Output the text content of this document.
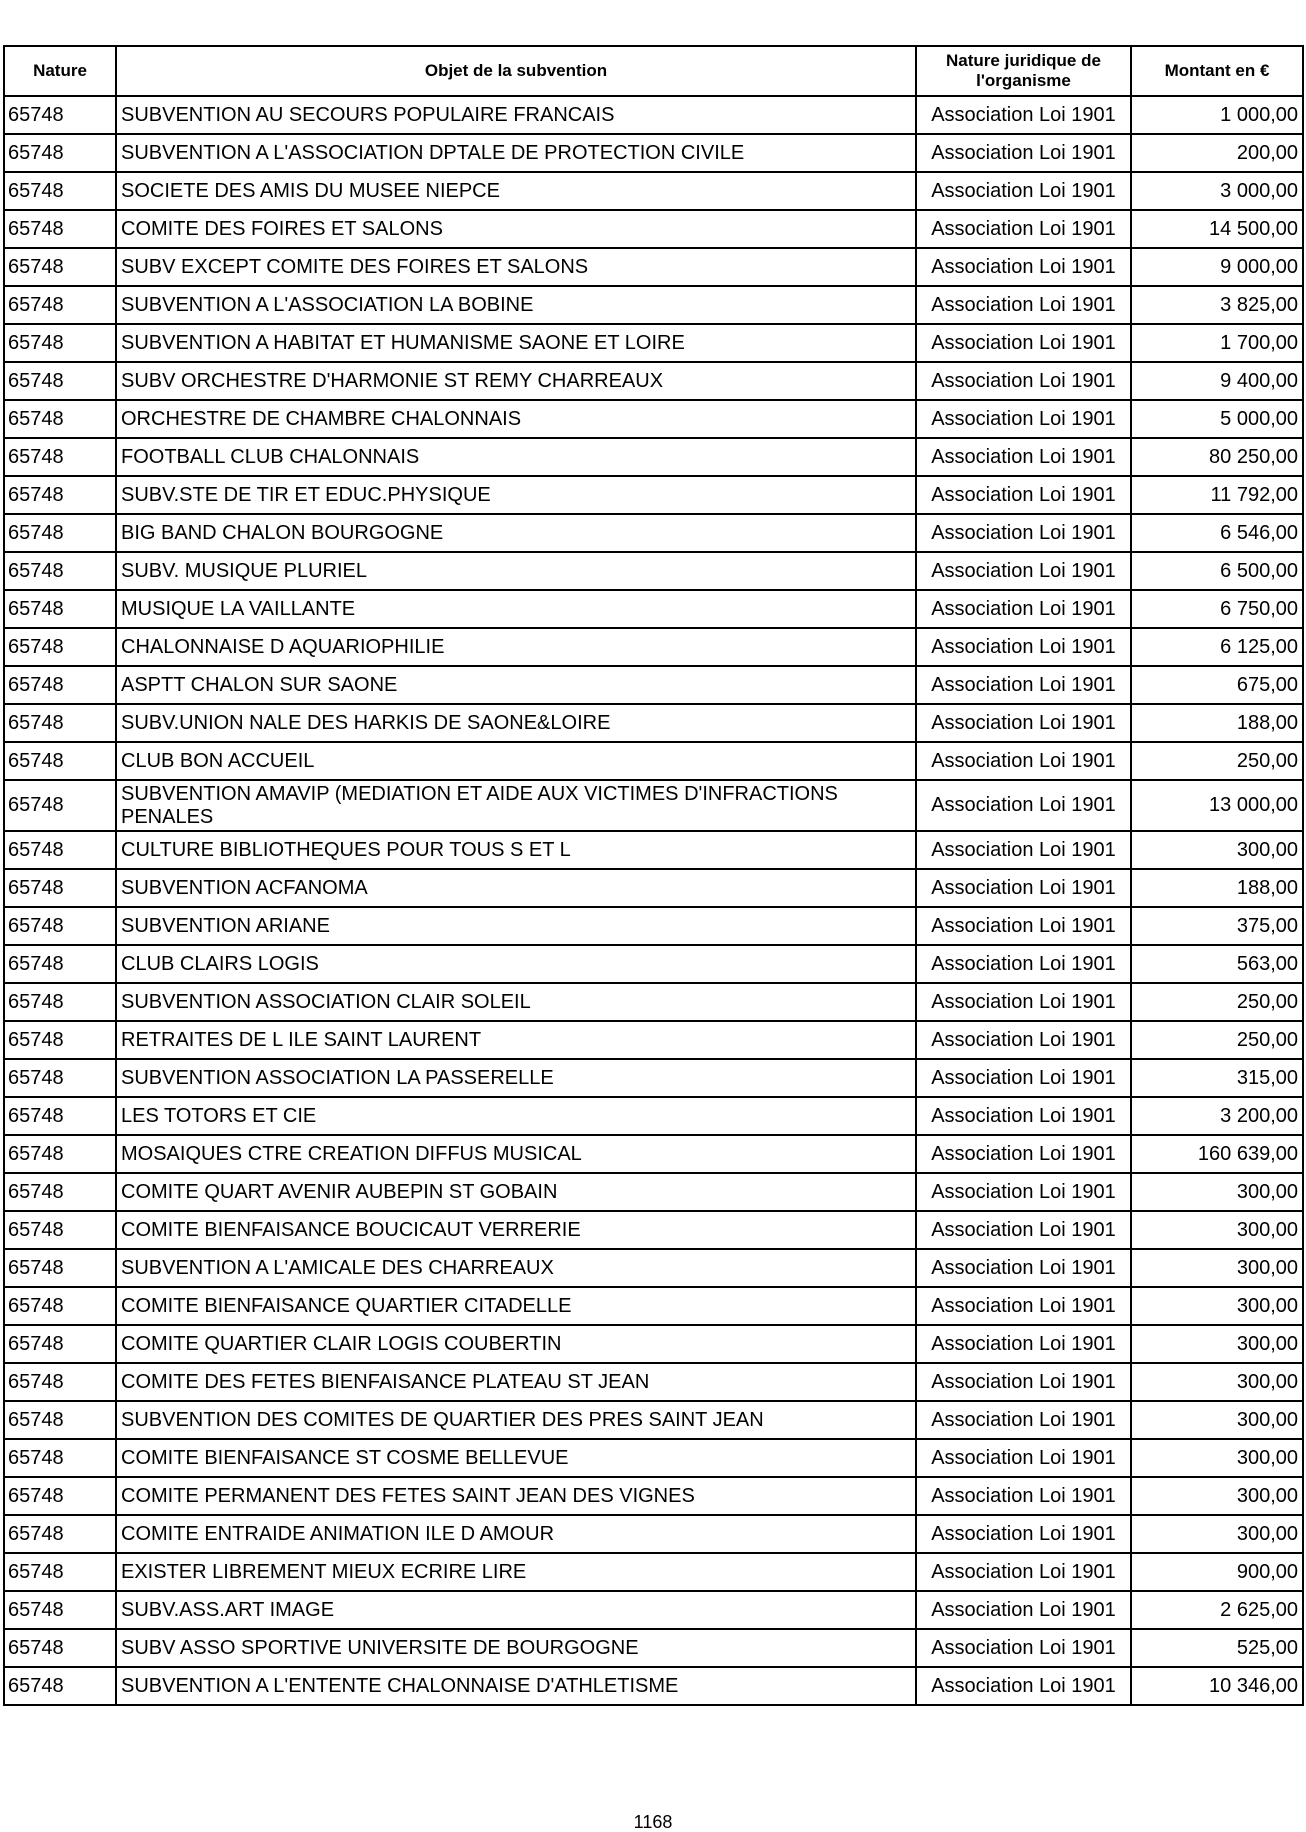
Nature	Objet de la subvention	Nature juridique de l'organisme	Montant en €
65748	SUBVENTION AU SECOURS POPULAIRE FRANCAIS	Association Loi 1901	1 000,00
65748	SUBVENTION A L'ASSOCIATION DPTALE DE PROTECTION CIVILE	Association Loi 1901	200,00
65748	SOCIETE DES AMIS DU MUSEE NIEPCE	Association Loi 1901	3 000,00
65748	COMITE DES FOIRES ET SALONS	Association Loi 1901	14 500,00
65748	SUBV EXCEPT COMITE DES FOIRES ET SALONS	Association Loi 1901	9 000,00
65748	SUBVENTION A L'ASSOCIATION LA BOBINE	Association Loi 1901	3 825,00
65748	SUBVENTION A HABITAT ET HUMANISME SAONE ET LOIRE	Association Loi 1901	1 700,00
65748	SUBV ORCHESTRE D'HARMONIE ST REMY CHARREAUX	Association Loi 1901	9 400,00
65748	ORCHESTRE DE CHAMBRE CHALONNAIS	Association Loi 1901	5 000,00
65748	FOOTBALL CLUB CHALONNAIS	Association Loi 1901	80 250,00
65748	SUBV.STE DE TIR ET EDUC.PHYSIQUE	Association Loi 1901	11 792,00
65748	BIG BAND CHALON BOURGOGNE	Association Loi 1901	6 546,00
65748	SUBV. MUSIQUE PLURIEL	Association Loi 1901	6 500,00
65748	MUSIQUE LA VAILLANTE	Association Loi 1901	6 750,00
65748	CHALONNAISE D AQUARIOPHILIE	Association Loi 1901	6 125,00
65748	ASPTT CHALON SUR SAONE	Association Loi 1901	675,00
65748	SUBV.UNION NALE DES HARKIS DE SAONE&LOIRE	Association Loi 1901	188,00
65748	CLUB BON ACCUEIL	Association Loi 1901	250,00
65748	SUBVENTION AMAVIP (MEDIATION ET AIDE AUX VICTIMES D'INFRACTIONS PENALES	Association Loi 1901	13 000,00
65748	CULTURE BIBLIOTHEQUES POUR TOUS S ET L	Association Loi 1901	300,00
65748	SUBVENTION ACFANOMA	Association Loi 1901	188,00
65748	SUBVENTION ARIANE	Association Loi 1901	375,00
65748	CLUB CLAIRS LOGIS	Association Loi 1901	563,00
65748	SUBVENTION ASSOCIATION CLAIR SOLEIL	Association Loi 1901	250,00
65748	RETRAITES DE L ILE SAINT LAURENT	Association Loi 1901	250,00
65748	SUBVENTION ASSOCIATION LA PASSERELLE	Association Loi 1901	315,00
65748	LES TOTORS ET CIE	Association Loi 1901	3 200,00
65748	MOSAIQUES CTRE CREATION DIFFUS MUSICAL	Association Loi 1901	160 639,00
65748	COMITE QUART AVENIR AUBEPIN ST GOBAIN	Association Loi 1901	300,00
65748	COMITE BIENFAISANCE BOUCICAUT VERRERIE	Association Loi 1901	300,00
65748	SUBVENTION A L'AMICALE DES CHARREAUX	Association Loi 1901	300,00
65748	COMITE BIENFAISANCE QUARTIER CITADELLE	Association Loi 1901	300,00
65748	COMITE QUARTIER CLAIR LOGIS COUBERTIN	Association Loi 1901	300,00
65748	COMITE DES FETES BIENFAISANCE PLATEAU ST JEAN	Association Loi 1901	300,00
65748	SUBVENTION DES COMITES DE QUARTIER DES PRES SAINT JEAN	Association Loi 1901	300,00
65748	COMITE BIENFAISANCE ST COSME BELLEVUE	Association Loi 1901	300,00
65748	COMITE PERMANENT DES FETES SAINT JEAN DES VIGNES	Association Loi 1901	300,00
65748	COMITE ENTRAIDE ANIMATION ILE D AMOUR	Association Loi 1901	300,00
65748	EXISTER LIBREMENT MIEUX ECRIRE LIRE	Association Loi 1901	900,00
65748	SUBV.ASS.ART IMAGE	Association Loi 1901	2 625,00
65748	SUBV ASSO SPORTIVE UNIVERSITE DE BOURGOGNE	Association Loi 1901	525,00
65748	SUBVENTION A L'ENTENTE CHALONNAISE D'ATHLETISME	Association Loi 1901	10 346,00
1168
